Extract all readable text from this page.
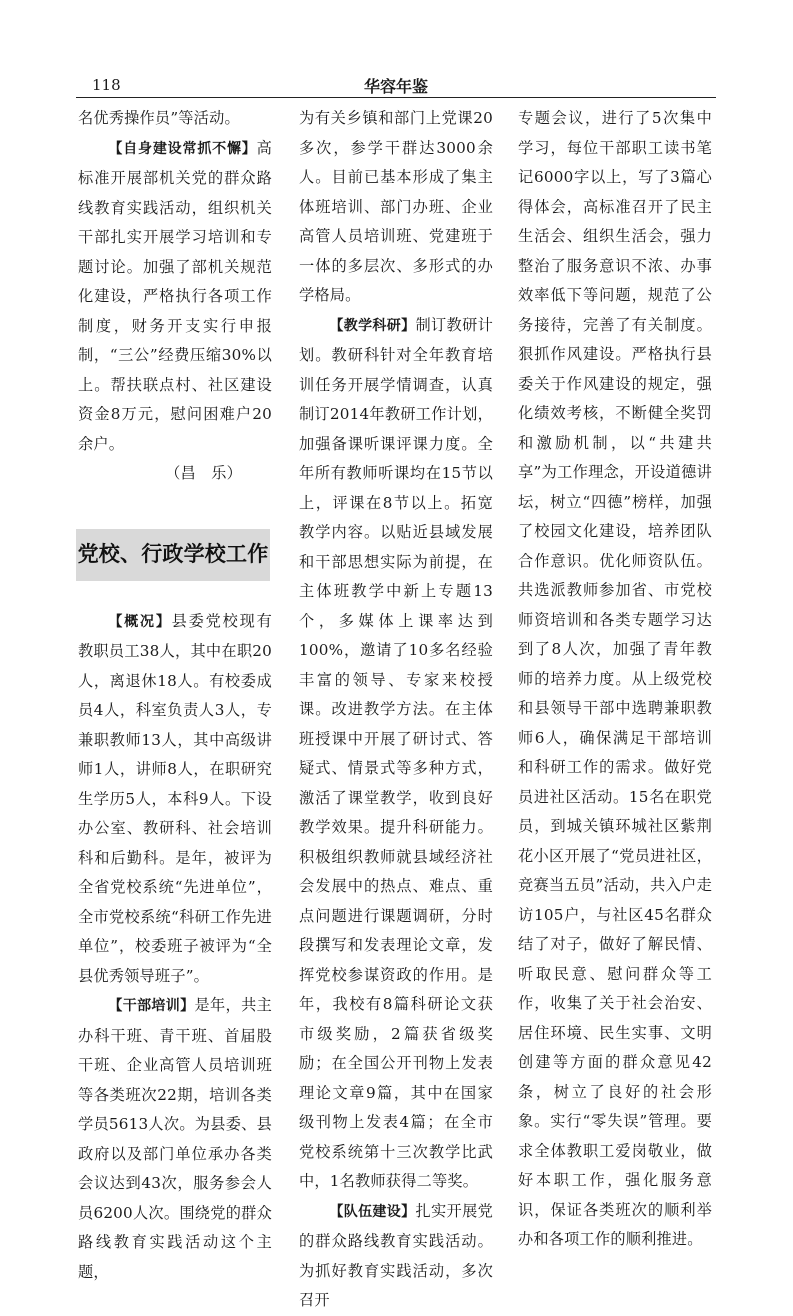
118	华容年鉴

名优秀操作员”等活动。

【自身建设常抓不懈】高标准开展部机关党的群众路线教育实践活动，组织机关干部扎实开展学习培训和专题讨论。加强了部机关规范化建设，严格执行各项工作制度，财务开支实行申报制，“三公”经费压缩30%以上。帮扶联点村、社区建设资金8万元，慰问困难户20余户。

（昌　乐）

党校、行政学校工作

【概况】县委党校现有教职员工38人，其中在职20人，离退休18人。有校委成员4人，科室负责人3人，专兼职教师13人，其中高级讲师1人，讲师8人，在职研究生学历5人，本科9人。下设办公室、教研科、社会培训科和后勤科。是年，被评为全省党校系统“先进单位”，全市党校系统“科研工作先进单位”，校委班子被评为“全县优秀领导班子”。

【干部培训】是年，共主办科干班、青干班、首届股干班、企业高管人员培训班等各类班次22期，培训各类学员5613人次。为县委、县政府以及部门单位承办各类会议达到43次，服务参会人员6200人次。围绕党的群众路线教育实践活动这个主题，

为有关乡镇和部门上党课20多次，参学干群达3000余人。目前已基本形成了集主体班培训、部门办班、企业高管人员培训班、党建班于一体的多层次、多形式的办学格局。

【教学科研】制订教研计划。教研科针对全年教育培训任务开展学情调查，认真制订2014年教研工作计划，加强备课听课评课力度。全年所有教师听课均在15节以上，评课在8节以上。拓宽教学内容。以贴近县域发展和干部思想实际为前提，在主体班教学中新上专题13个，多媒体上课率达到100%，邀请了10多名经验丰富的领导、专家来校授课。改进教学方法。在主体班授课中开展了研讨式、答疑式、情景式等多种方式，激活了课堂教学，收到良好教学效果。提升科研能力。积极组织教师就县域经济社会发展中的热点、难点、重点问题进行课题调研，分时段撰写和发表理论文章，发挥党校参谋资政的作用。是年，我校有8篇科研论文获市级奖励，2篇获省级奖励；在全国公开刊物上发表理论文章9篇，其中在国家级刊物上发表4篇；在全市党校系统第十三次教学比武中，1名教师获得二等奖。

【队伍建设】扎实开展党的群众路线教育实践活动。为抓好教育实践活动，多次召开

专题会议，进行了5次集中学习，每位干部职工读书笔记6000字以上，写了3篇心得体会，高标准召开了民主生活会、组织生活会，强力整治了服务意识不浓、办事效率低下等问题，规范了公务接待，完善了有关制度。狠抓作风建设。严格执行县委关于作风建设的规定，强化绩效考核，不断健全奖罚和激励机制，以“共建共享”为工作理念，开设道德讲坛，树立“四德”榜样，加强了校园文化建设，培养团队合作意识。优化师资队伍。共选派教师参加省、市党校师资培训和各类专题学习达到了8人次，加强了青年教师的培养力度。从上级党校和县领导干部中选聘兼职教师6人，确保满足干部培训和科研工作的需求。做好党员进社区活动。15名在职党员，到城关镇环城社区紫荆花小区开展了“党员进社区，竞赛当五员”活动，共入户走访105户，与社区45名群众结了对子，做好了解民情、听取民意、慰问群众等工作，收集了关于社会治安、居住环境、民生实事、文明创建等方面的群众意见42条，树立了良好的社会形象。实行“零失误”管理。要求全体教职工爱岗敬业，做好本职工作，强化服务意识，保证各类班次的顺利举办和各项工作的顺利推进。
